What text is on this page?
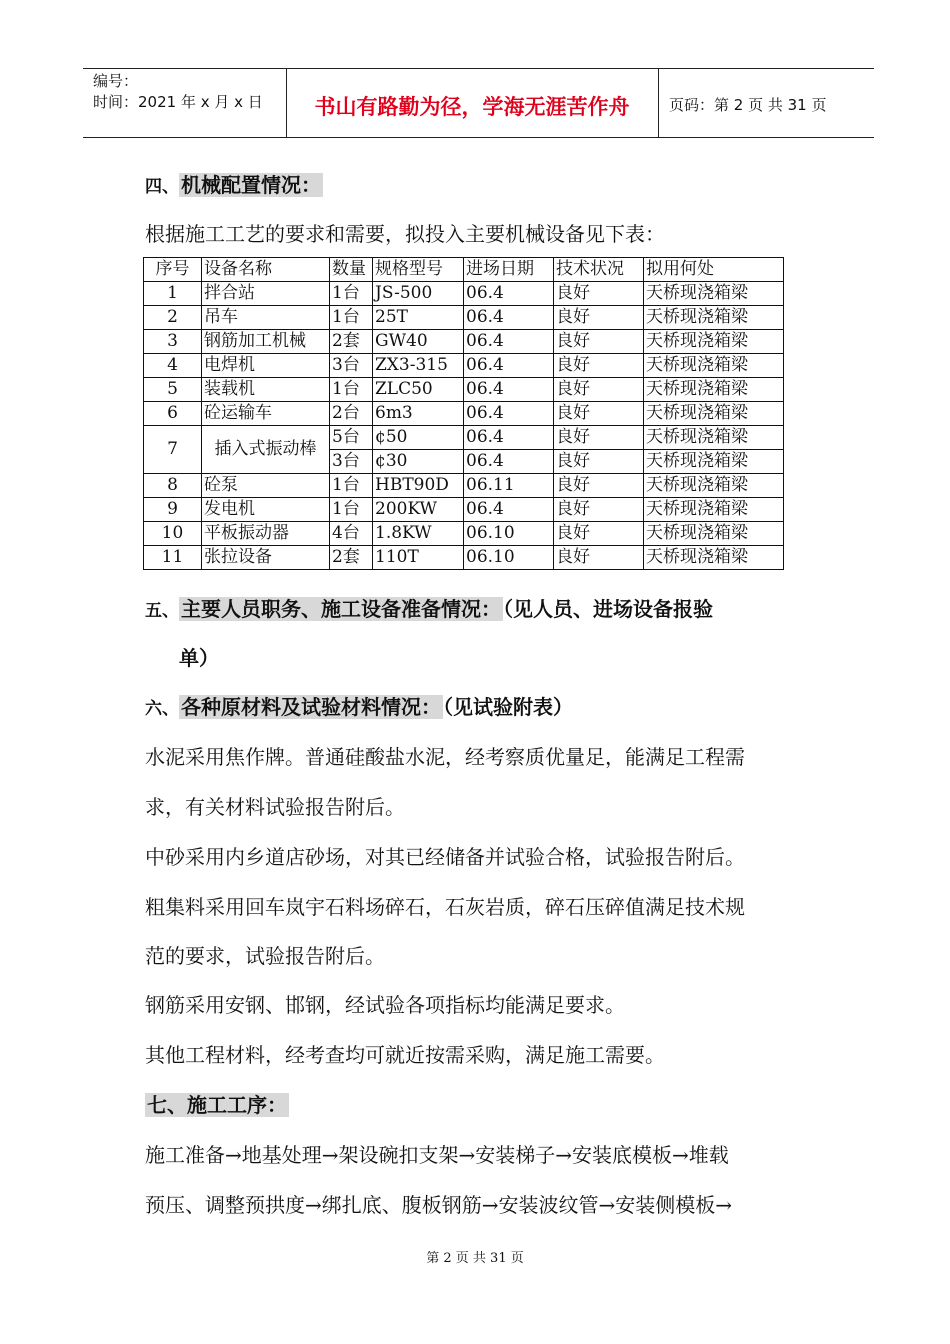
编号：
时间：2021 年 x 月 x 日	书山有路勤为径，学海无涯苦作舟	页码：第 2 页 共 31 页
四、 机械配置情况：
根据施工工艺的要求和需要，拟投入主要机械设备见下表：
序号	设备名称	数量	规格型号	进场日期	技术状况	拟用何处
1	拌合站	1台	JS-500	06.4	良好	天桥现浇箱梁
2	吊车	1台	25T	06.4	良好	天桥现浇箱梁
3	钢筋加工机械	2套	GW40	06.4	良好	天桥现浇箱梁
4	电焊机	3台	ZX3-315	06.4	良好	天桥现浇箱梁
5	装载机	1台	ZLC50	06.4	良好	天桥现浇箱梁
6	砼运输车	2台	6m3	06.4	良好	天桥现浇箱梁
7	插入式振动棒	5台	¢50	06.4	良好	天桥现浇箱梁
		3台	¢30	06.4	良好	天桥现浇箱梁
8	砼泵	1台	HBT90D	06.11	良好	天桥现浇箱梁
9	发电机	1台	200KW	06.4	良好	天桥现浇箱梁
10	平板振动器	4台	1.8KW	06.10	良好	天桥现浇箱梁
11	张拉设备	2套	110T	06.10	良好	天桥现浇箱梁
五、 主要人员职务、施工设备准备情况： （见人员、进场设备报验
单）
六、 各种原材料及试验材料情况： （见试验附表）
水泥采用焦作牌。普通硅酸盐水泥，经考察质优量足，能满足工程需
求，有关材料试验报告附后。
中砂采用内乡道店砂场，对其已经储备并试验合格，试验报告附后。
粗集料采用回车岚宇石料场碎石，石灰岩质，碎石压碎值满足技术规
范的要求，试验报告附后。
钢筋采用安钢、邯钢，经试验各项指标均能满足要求。
其他工程材料，经考查均可就近按需采购，满足施工需要。
七、施工工序：
施工准备→地基处理→架设碗扣支架→安装梯子→安装底模板→堆载
预压、调整预拱度→绑扎底、腹板钢筋→安装波纹管→安装侧模板→
第 2 页 共 31 页
